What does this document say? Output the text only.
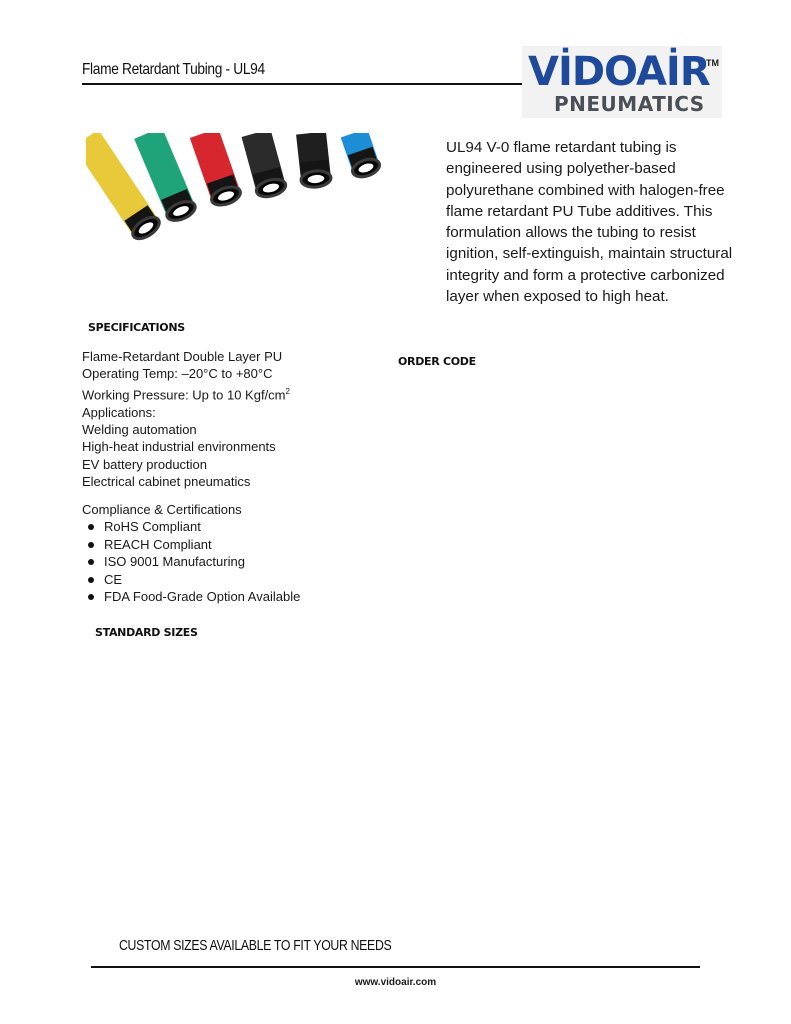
Flame Retardant Tubing - UL94	VİDOAİR
TM
PNEUMATICS
UL94 V-0 flame retardant tubing is engineered using polyether-based polyurethane combined with halogen-free flame retardant PU Tube additives. This formulation allows the tubing to resist ignition, self-extinguish, maintain structural integrity and form a protective carbonized layer when exposed to high heat.
SPECIFICATIONS
ORDER CODE
Flame-Retardant Double Layer PU
Operating Temp: –20°C to +80°C
Working Pressure: Up to 10 Kgf/$cm^2$
Applications:
Welding automation
High-heat industrial environments
EV battery production
Electrical cabinet pneumatics
Compliance & Certifications
RoHS Compliant
REACH Compliant
ISO 9001 Manufacturing
CE
FDA Food-Grade Option Available
STANDARD SIZES
CUSTOM SIZES AVAILABLE TO FIT YOUR NEEDS
www.vidoair.com
